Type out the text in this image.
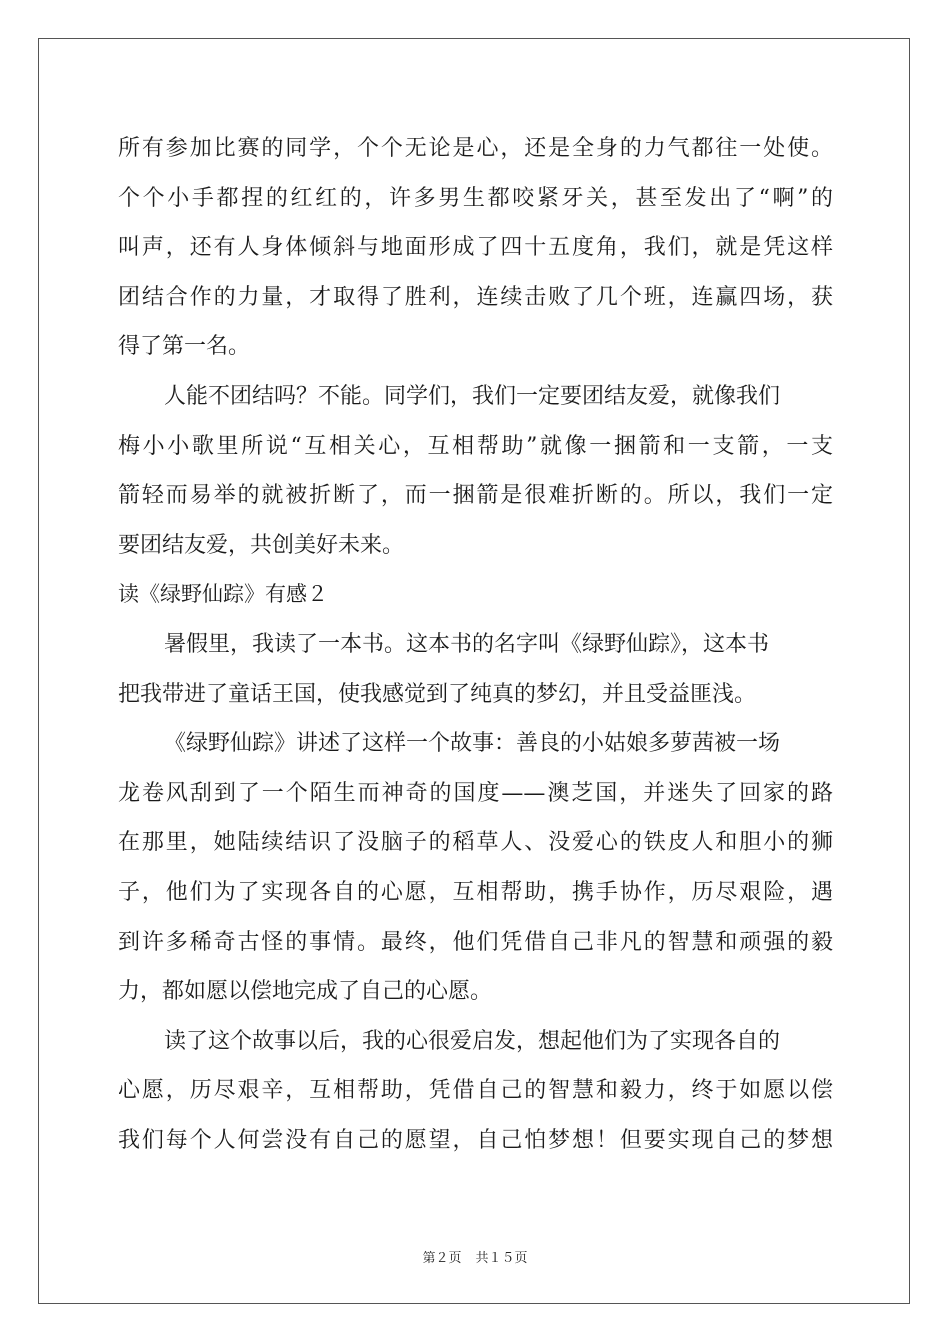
所有参加比赛的同学，个个无论是心，还是全身的力气都往一处使。
个个小手都捏的红红的，许多男生都咬紧牙关，甚至发出了“啊”的
叫声，还有人身体倾斜与地面形成了四十五度角，我们，就是凭这样
团结合作的力量，才取得了胜利，连续击败了几个班，连赢四场，获
得了第一名。
人能不团结吗？不能。同学们，我们一定要团结友爱，就像我们
梅小小歌里所说“互相关心，互相帮助”就像一捆箭和一支箭，一支
箭轻而易举的就被折断了，而一捆箭是很难折断的。所以，我们一定
要团结友爱，共创美好未来。
读《绿野仙踪》有感２
暑假里，我读了一本书。这本书的名字叫《绿野仙踪》，这本书
把我带进了童话王国，使我感觉到了纯真的梦幻，并且受益匪浅。
《绿野仙踪》讲述了这样一个故事：善良的小姑娘多萝茜被一场
龙卷风刮到了一个陌生而神奇的国度——澳芝国，并迷失了回家的路
在那里，她陆续结识了没脑子的稻草人、没爱心的铁皮人和胆小的狮
子，他们为了实现各自的心愿，互相帮助，携手协作，历尽艰险，遇
到许多稀奇古怪的事情。最终，他们凭借自己非凡的智慧和顽强的毅
力，都如愿以偿地完成了自己的心愿。
读了这个故事以后，我的心很爱启发，想起他们为了实现各自的
心愿，历尽艰辛，互相帮助，凭借自己的智慧和毅力，终于如愿以偿
我们每个人何尝没有自己的愿望，自己怕梦想！但要实现自己的梦想
第２页 共１５页
